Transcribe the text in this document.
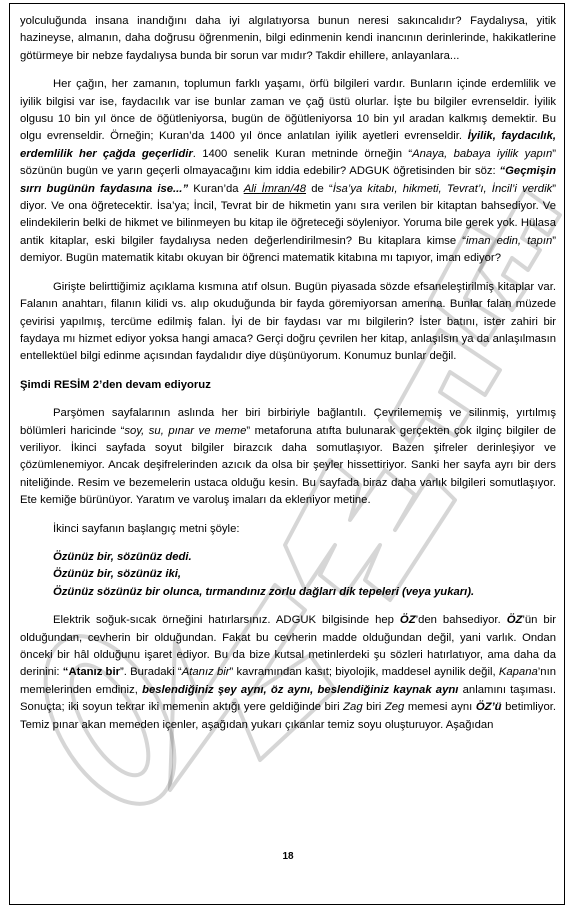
yolculuğunda insana inandığını daha iyi algılatıyorsa bunun neresi sakıncalıdır? Faydalıysa, yitik hazineyse, almanın, daha doğrusu öğrenmenin, bilgi edinmenin kendi inancının derinlerinde, hakikatlerine götürmeye bir nebze faydalıysa bunda bir sorun var mıdır? Takdir ehillere, anlayanlara...

Her çağın, her zamanın, toplumun farklı yaşamı, örfü bilgileri vardır. Bunların içinde erdemlilik ve iyilik bilgisi var ise, faydacılık var ise bunlar zaman ve çağ üstü olurlar. İşte bu bilgiler evrenseldir. İyilik olgusu 10 bin yıl önce de öğütleniyorsa, bugün de öğütleniyorsa 10 bin yıl aradan kalkmış demektir. Bu olgu evrenseldir. Örneğin; Kuran’da 1400 yıl önce anlatılan iyilik ayetleri evrenseldir. İyilik, faydacılık, erdemlilik her çağda geçerlidir. 1400 senelik Kuran metninde örneğin “Anaya, babaya iyilik yapın” sözünün bugün ve yarın geçerli olmayacağını kim iddia edebilir? ADGUK öğretisinden bir söz: “Geçmişin sırrı bugünün faydasına ise...” Kuran’da Ali İmran/48 de “İsa’ya kitabı, hikmeti, Tevrat’ı, İncil’i verdik” diyor. Ve ona öğretecektir. İsa’ya; İncil, Tevrat bir de hikmetin yanı sıra verilen bir kitaptan bahsediyor. Ve elindekilerin belki de hikmet ve bilinmeyen bu kitap ile öğreteceği söyleniyor. Yoruma bile gerek yok. Hülasa antik kitaplar, eski bilgiler faydalıysa neden değerlendirilmesin? Bu kitaplara kimse “iman edin, tapın” demiyor. Bugün matematik kitabı okuyan bir öğrenci matematik kitabına mı tapıyor, iman ediyor?

Girişte belirttiğimiz açıklama kısmına atıf olsun. Bugün piyasada sözde efsaneleştirilmiş kitaplar var. Falanın anahtarı, filanın kilidi vs. alıp okuduğunda bir fayda göremiyorsan amenna. Bunlar falan müzede çevirisi yapılmış, tercüme edilmiş falan. İyi de bir faydası var mı bilgilerin? İster batını, ister zahiri bir faydaya mı hizmet ediyor yoksa hangi amaca? Gerçi doğru çevrilen her kitap, anlaşılsın ya da anlaşılmasın entellektüel bilgi edinme açısından faydalıdır diye düşünüyorum. Konumuz bunlar değil.

Şimdi RESİM 2’den devam ediyoruz

Parşömen sayfalarının aslında her biri birbiriyle bağlantılı. Çevrilememiş ve silinmiş, yırtılmış bölümleri haricinde “soy, su, pınar ve meme” metaforuna atıfta bulunarak gerçekten çok ilginç bilgiler de veriliyor. İkinci sayfada soyut bilgiler birazcık daha somutlaşıyor. Bazen şifreler derinleşiyor ve çözümlenemiyor. Ancak deşifrelerinden azıcık da olsa bir şeyler hissettiriyor. Sanki her sayfa ayrı bir ders niteliğinde. Resim ve bezemelerin ustaca olduğu kesin. Bu sayfada biraz daha varlık bilgileri somutlaşıyor. Ete kemiğe bürünüyor. Yaratım ve varoluş imaları da ekleniyor metine.

İkinci sayfanın başlangıç metni şöyle:

Özünüz bir, sözünüz dedi.
Özünüz bir, sözünüz iki,
Özünüz sözünüz bir olunca, tırmandınız zorlu dağları dik tepeleri (veya yukarı).

Elektrik soğuk-sıcak örneğini hatırlarsınız. ADGUK bilgisinde hep ÖZ’den bahsediyor. ÖZ’ün bir olduğundan, cevherin bir olduğundan. Fakat bu cevherin madde olduğundan değil, yani varlık. Ondan önceki bir hâl olduğunu işaret ediyor. Bu da bize kutsal metinlerdeki şu sözleri hatırlatıyor, ama daha da derinini: “Atanız bir”. Buradaki “Atanız bir” kavramından kasıt; biyolojik, maddesel aynilik değil, Kapana’nın memelerinden emdiniz, beslendiğiniz şey aynı, öz aynı, beslendiğiniz kaynak aynı anlamını taşıması. Sonuçta; iki soyun tekrar iki memenin aktığı yere geldiğinde biri Zag biri Zeg memesi aynı ÖZ’ü betimliyor. Temiz pınar akan memeden içenler, aşağıdan yukarı çıkanlar temiz soyu oluşturuyor. Aşağıdan

18
